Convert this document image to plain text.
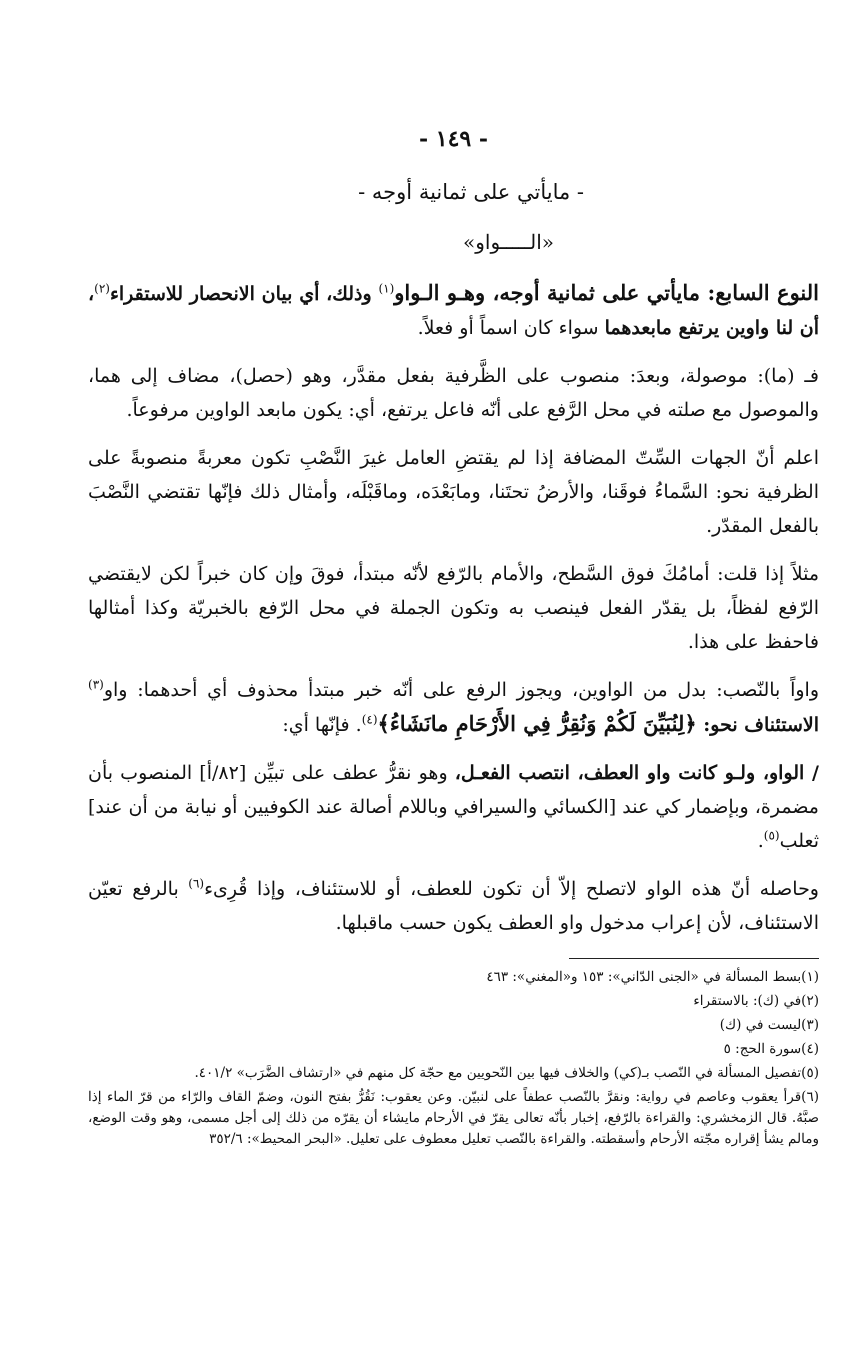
- ١٤٩ -
- مايأتي على ثمانية أوجه -
«الـــــواو»

النوع السابع: مايأتي على ثمانية أوجه، وهـو الـواو$^{(١)}$ وذلك، أي بيان الانحصار للاستقراء$^{(٢)}$، أن لنا واوين يرتفع مابعدهما سواء كان اسماً أو فعلاً.

فـ (ما): موصولة، وبعدَ: منصوب على الظَّرفية بفعل مقدَّر، وهو (حصل)، مضاف إلى هما، والموصول مع صلته في محل الرَّفع على أنّه فاعل يرتفع، أي: يكون مابعد الواوين مرفوعاً.

اعلم أنّ الجهات السِّتّ المضافة إذا لم يقتضِ العامل غيرَ النَّصْبِ تكون معربةً منصوبةً على الظرفية نحو: السَّماءُ فوقَنا، والأرضُ تحتَنا، ومابَعْدَه، وماقَبْلَه، وأمثال ذلك فإنّها تقتضي النَّصْبَ بالفعل المقدّر.

مثلاً إذا قلت: أمامُكَ فوق السَّطح، والأمام بالرّفع لأنّه مبتدأ، فوقَ وإن كان خبراً لكن لايقتضي الرّفع لفظاً، بل يقدّر الفعل فينصب به وتكون الجملة في محل الرّفع بالخبريّة وكذا أمثالها فاحفظ على هذا.

واواً بالنّصب: بدل من الواوين، ويجوز الرفع على أنّه خبر مبتدأ محذوف أي أحدهما: واو$^{(٣)}$ الاستئناف نحو: ﴿لِنُبَيِّنَ لَكُمْ وَنُقِرُّ فِي الأَرْحَامِ مانَشَاءُ﴾$^{(٤)}$. فإنّها أي:

/ الواو، ولـو كانت واو العطف، انتصب الفعـل، وهو نقرُّ عطف على تبيِّن [٨٢/أ] المنصوب بأن مضمرة، وبإضمار كي عند [الكسائي والسيرافي وباللام أصالة عند الكوفيين أو نيابة من أن عند] ثعلب$^{(٥)}$.

وحاصله أنّ هذه الواو لاتصلح إلاّ أن تكون للعطف، أو للاستئناف، وإذا قُرِىء$^{(٦)}$ بالرفع تعيّن الاستئناف، لأن إعراب مدخول واو العطف يكون حسب ماقبلها.

(١)بسط المسألة في «الجنى الدّاني»: ١٥٣ و«المغني»: ٤٦٣
(٢)في (ك): بالاستقراء
(٣)ليست في (ك)
(٤)سورة الحج: ٥
(٥)تفصيل المسألة في النّصب بـ(كي) والخلاف فيها بين النّحويين مع حجّة كل منهم في «ارتشاف الضَّرَب» ٤٠١/٢.
(٦)قرأ يعقوب وعاصم في رواية: ونقرَّ بالنّصب عطفاً على لنبيّن. وعن يعقوب: نَقُرُّ بفتح النون، وضمّ القاف والرّاء من قرّ الماء إذا صبَّهُ. قال الزمخشري: والقراءة بالرّفع، إخبار بأنّه تعالى يقرّ في الأرحام مايشاء أن يقرّه من ذلك إلى أجل مسمى، وهو وقت الوضع، ومالم يشأ إقراره مجّته الأرحام وأسقطته. والقراءة بالنّصب تعليل معطوف على تعليل. «البحر المحيط»: ٣٥٢/٦
